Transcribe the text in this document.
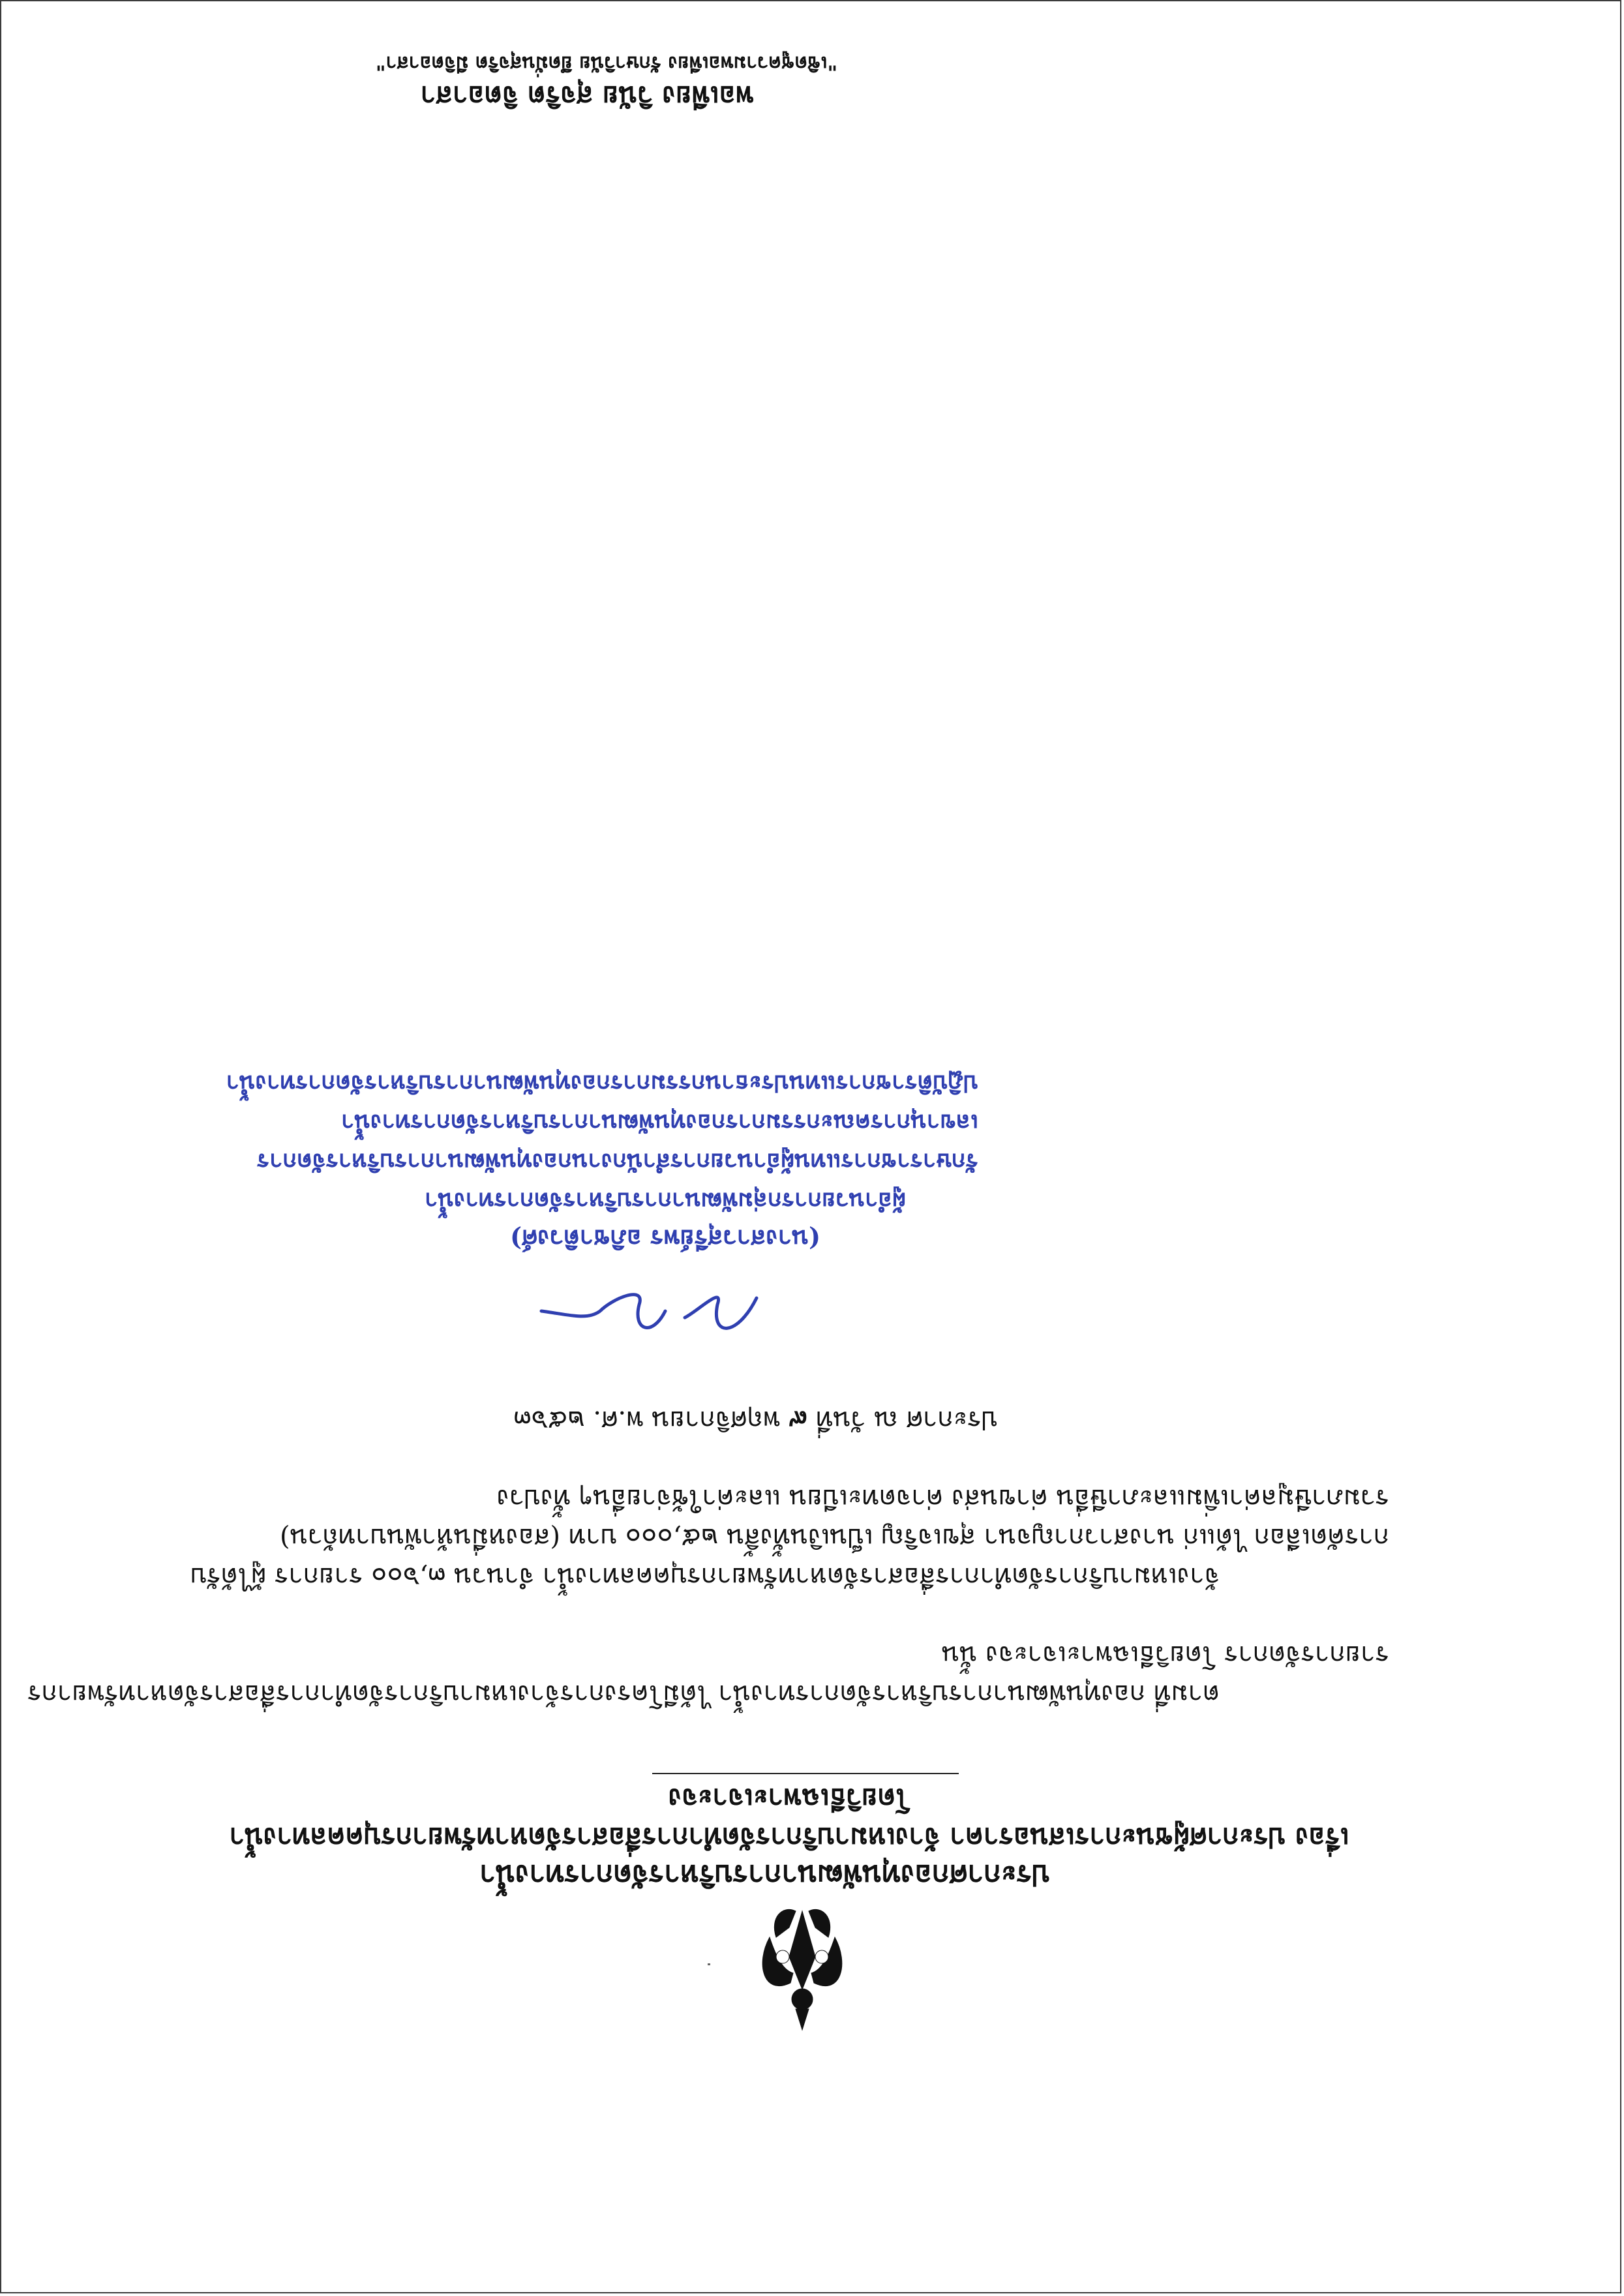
ประกาศกองทุนพัฒนาการบริหารจัดการทางน้ำ
เรื่อง ประกาศผู้ชนะการเสนอราคา จ้างเหมาบริการจัดทำการสื่อสารจัดหาทรัพยากรบุคคลทางน้ำ
โดยวิธีเฉพาะเจาะจง
ตามที่ กองทุนพัฒนาการบริหารจัดการทางน้ำ ได้มีโครงการจ้างเหมาบริการจัดทำการสื่อสารจัดหาทรัพยากร
รายการจัดการ โดยวิธีเฉพาะเจาะจง นั้น
จ้างเหมาบริการจัดทำการสื่อสารจัดหาทรัพยากรบุคคลทางน้ำ จำนวน ๓,๖๐๐ รายการ ผู้ได้รับ
การคัดเลือก ได้แก่ นางสาวกาญจนา สุขเจริญ เป็นเงินทั้งสิ้น ๒๕,๐๐๐ บาท (สองหมื่นห้าพันบาทถ้วน)
รวมภาษีมูลค่าเพิ่มและภาษีอื่น ค่าขนส่ง ค่าจดทะเบียน และค่าใช้จ่ายอื่นๆ ทั้งปวง
ประกาศ ณ วันที่ ๙ พฤศจิกายน พ.ศ. ๒๕๖๓
(นางสาวสุรีย์พร อภิชาติวงศ์)
ผู้อำนวยการกลุ่มพัฒนาการบริหารจัดการทางน้ำ
รักษาราชการแทนผู้อำนวยการสำนักงานกองทุนพัฒนาการบริหารจัดการ
เลขานุการคณะกรรมการกองทุนพัฒนาการบริหารจัดการทางน้ำ
ปฏิบัติราชการแทนประธานกรรมการกองทุนพัฒนาการบริหารจัดการทางน้ำ
พอเพียง วินัย สุจริต จิตอาสา
"เชิดชูความพอเพียง รักษาวินัย ยึดมั่นสุจริต มีจิตอาสา"
